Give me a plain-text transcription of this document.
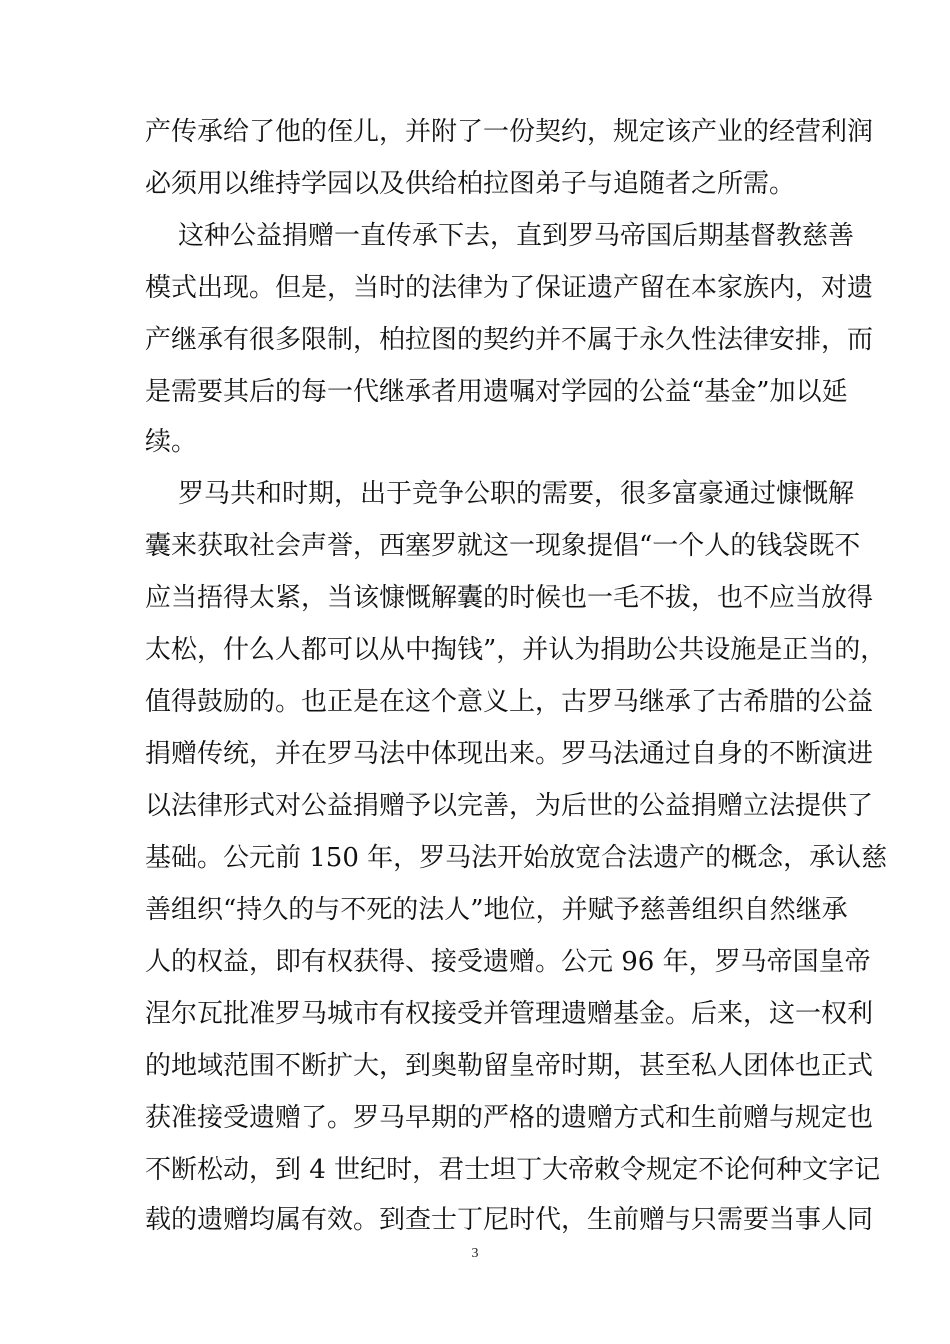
产传承给了他的侄儿，并附了一份契约，规定该产业的经营利润
必须用以维持学园以及供给柏拉图弟子与追随者之所需。
这种公益捐赠一直传承下去，直到罗马帝国后期基督教慈善
模式出现。但是，当时的法律为了保证遗产留在本家族内，对遗
产继承有很多限制，柏拉图的契约并不属于永久性法律安排，而
是需要其后的每一代继承者用遗嘱对学园的公益“基金”加以延
续。
罗马共和时期，出于竞争公职的需要，很多富豪通过慷慨解
囊来获取社会声誉，西塞罗就这一现象提倡“一个人的钱袋既不
应当捂得太紧，当该慷慨解囊的时候也一毛不拔，也不应当放得
太松，什么人都可以从中掏钱”，并认为捐助公共设施是正当的，
值得鼓励的。也正是在这个意义上，古罗马继承了古希腊的公益
捐赠传统，并在罗马法中体现出来。罗马法通过自身的不断演进
以法律形式对公益捐赠予以完善，为后世的公益捐赠立法提供了
基础。公元前 150 年，罗马法开始放宽合法遗产的概念，承认慈
善组织“持久的与不死的法人”地位，并赋予慈善组织自然继承
人的权益，即有权获得、接受遗赠。公元 96 年，罗马帝国皇帝
涅尔瓦批准罗马城市有权接受并管理遗赠基金。后来，这一权利
的地域范围不断扩大，到奥勒留皇帝时期，甚至私人团体也正式
获准接受遗赠了。罗马早期的严格的遗赠方式和生前赠与规定也
不断松动，到 4 世纪时，君士坦丁大帝敕令规定不论何种文字记
载的遗赠均属有效。到查士丁尼时代，生前赠与只需要当事人同
3
